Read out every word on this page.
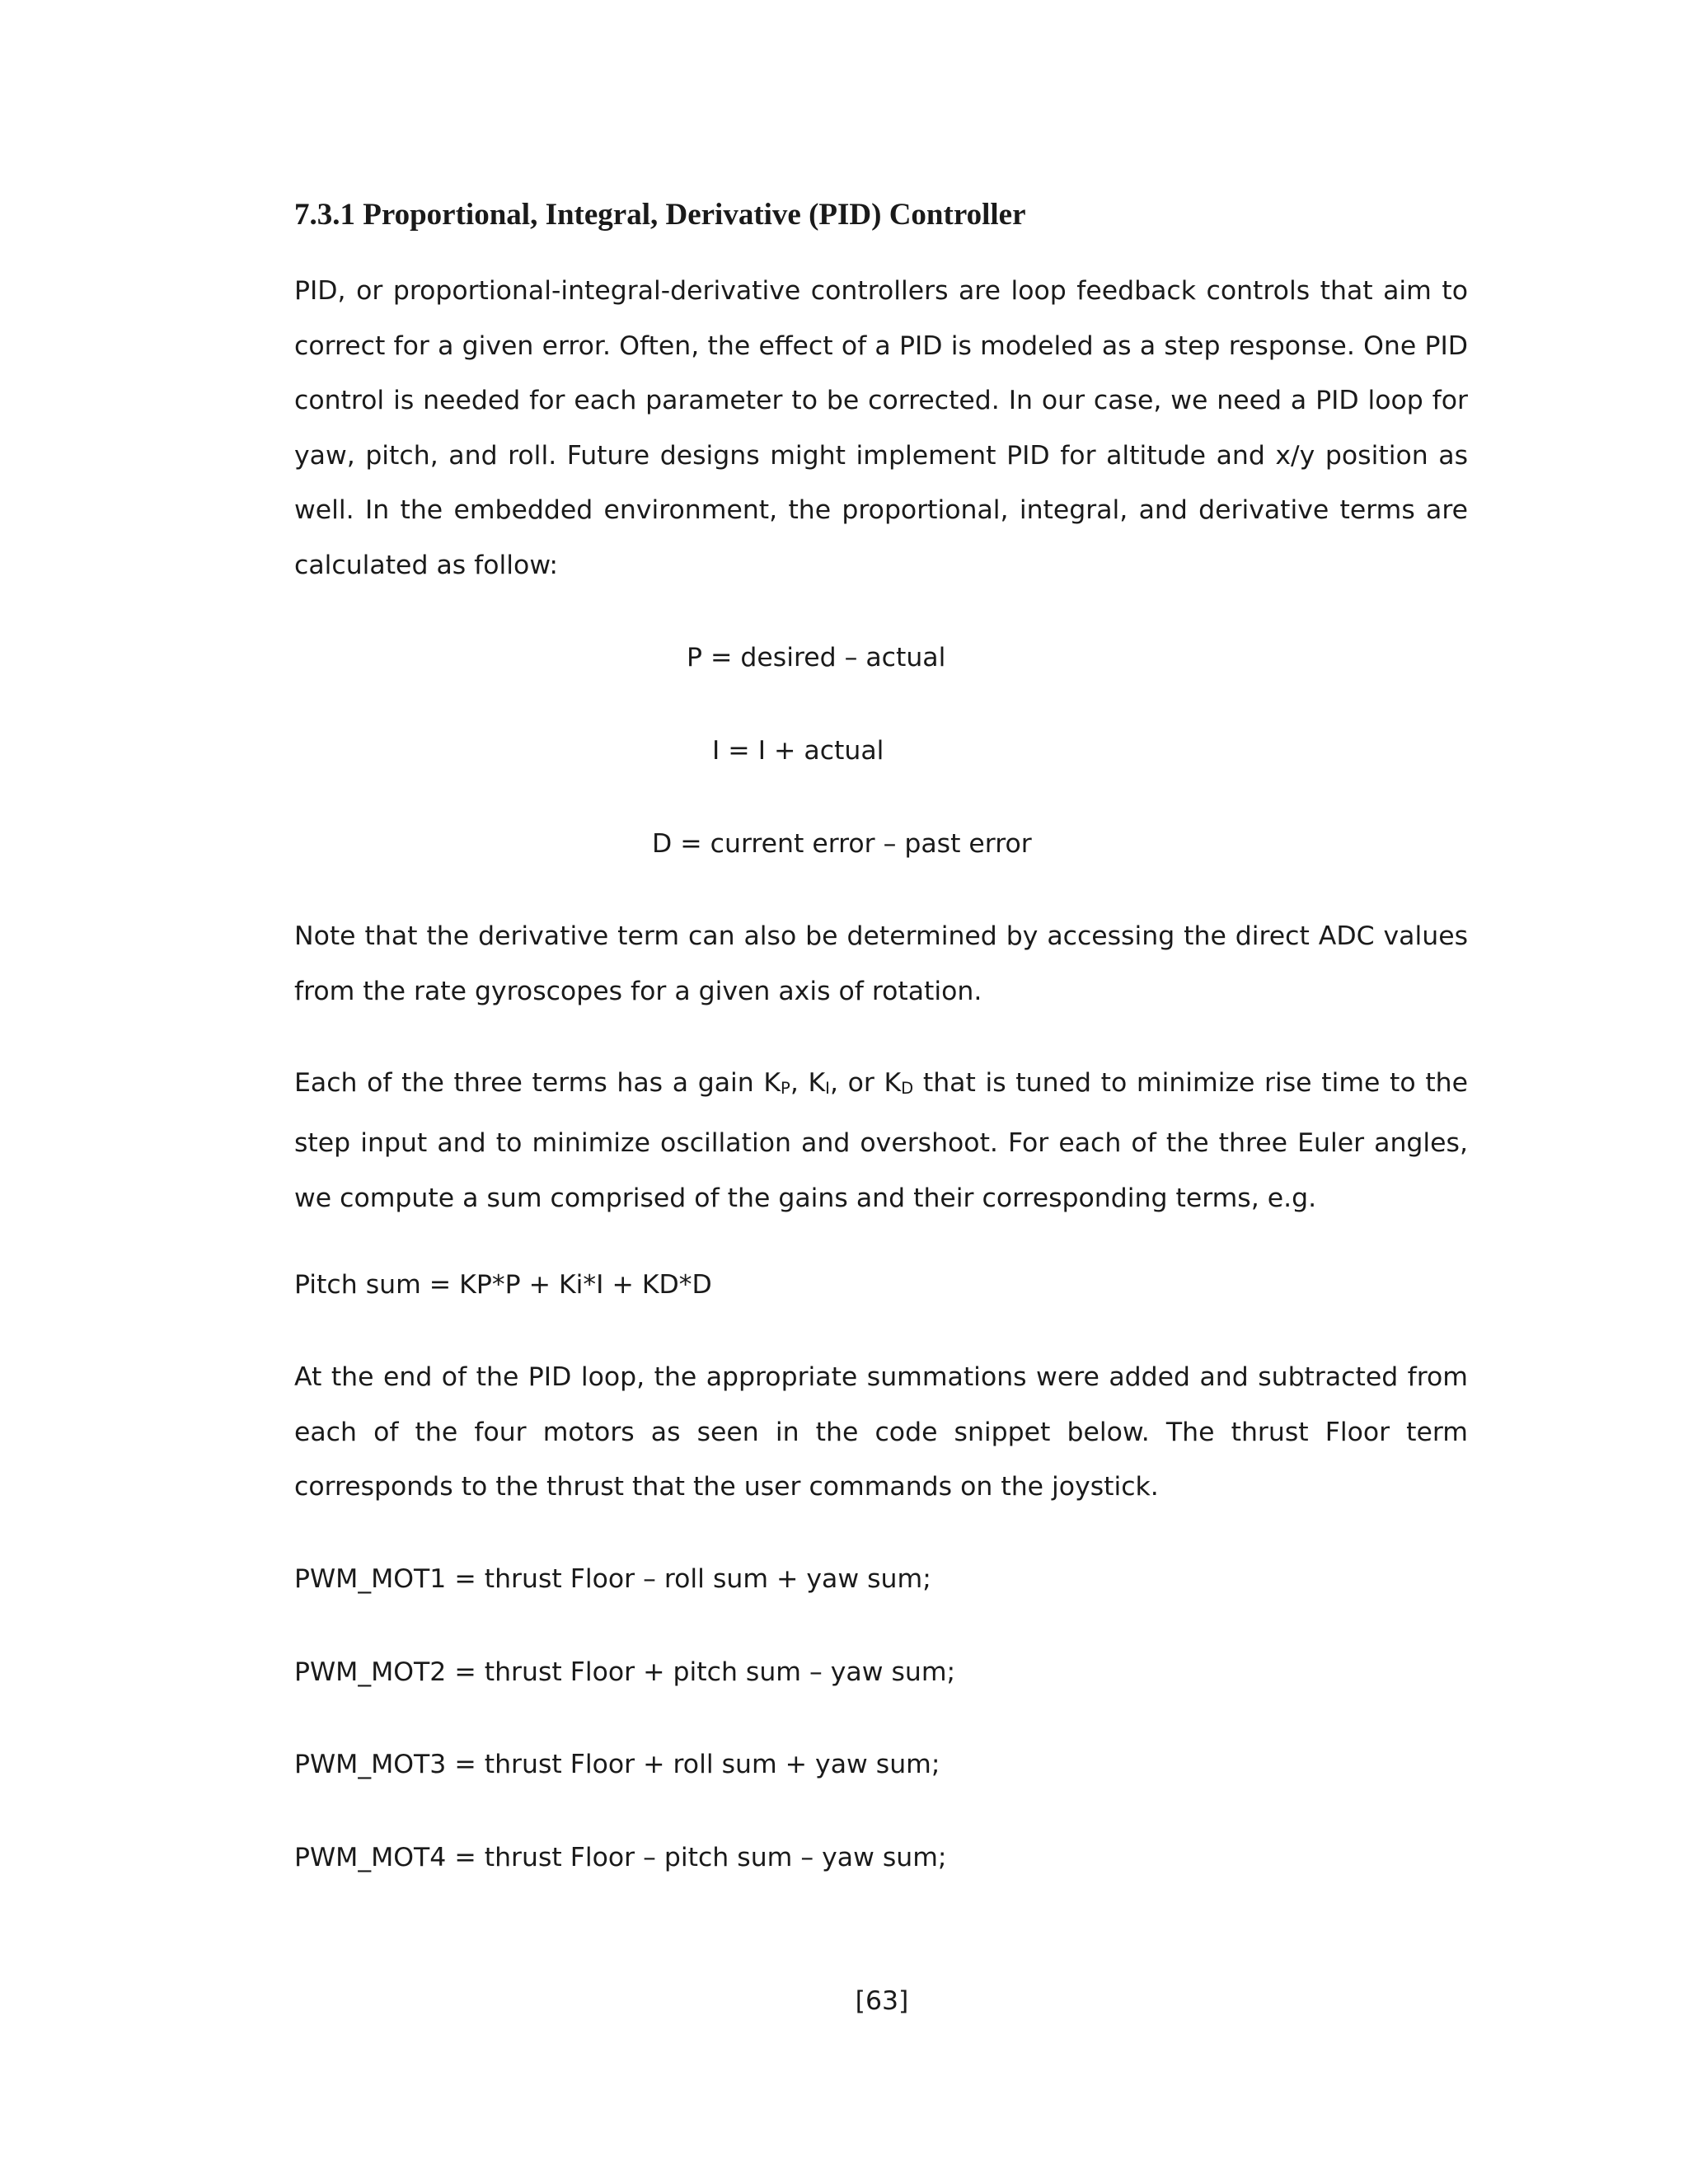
7.3.1 Proportional, Integral, Derivative (PID) Controller

PID, or proportional-integral-derivative controllers are loop feedback controls that aim to correct for a given error. Often, the effect of a PID is modeled as a step response. One PID control is needed for each parameter to be corrected. In our case, we need a PID loop for yaw, pitch, and roll. Future designs might implement PID for altitude and x/y position as well. In the embedded environment, the proportional, integral, and derivative terms are calculated as follow:

P = desired – actual

I = I + actual

D = current error – past error

Note that the derivative term can also be determined by accessing the direct ADC values from the rate gyroscopes for a given axis of rotation.

Each of the three terms has a gain $K_P$, $K_I$, or $K_D$ that is tuned to minimize rise time to the step input and to minimize oscillation and overshoot. For each of the three Euler angles, we compute a sum comprised of the gains and their corresponding terms, e.g.

Pitch sum = KP*P + Ki*I + KD*D

At the end of the PID loop, the appropriate summations were added and subtracted from each of the four motors as seen in the code snippet below. The thrust Floor term corresponds to the thrust that the user commands on the joystick.

PWM_MOT1 = thrust Floor – roll sum + yaw sum;

PWM_MOT2 = thrust Floor + pitch sum – yaw sum;

PWM_MOT3 = thrust Floor + roll sum + yaw sum;

PWM_MOT4 = thrust Floor – pitch sum – yaw sum;

[63]
